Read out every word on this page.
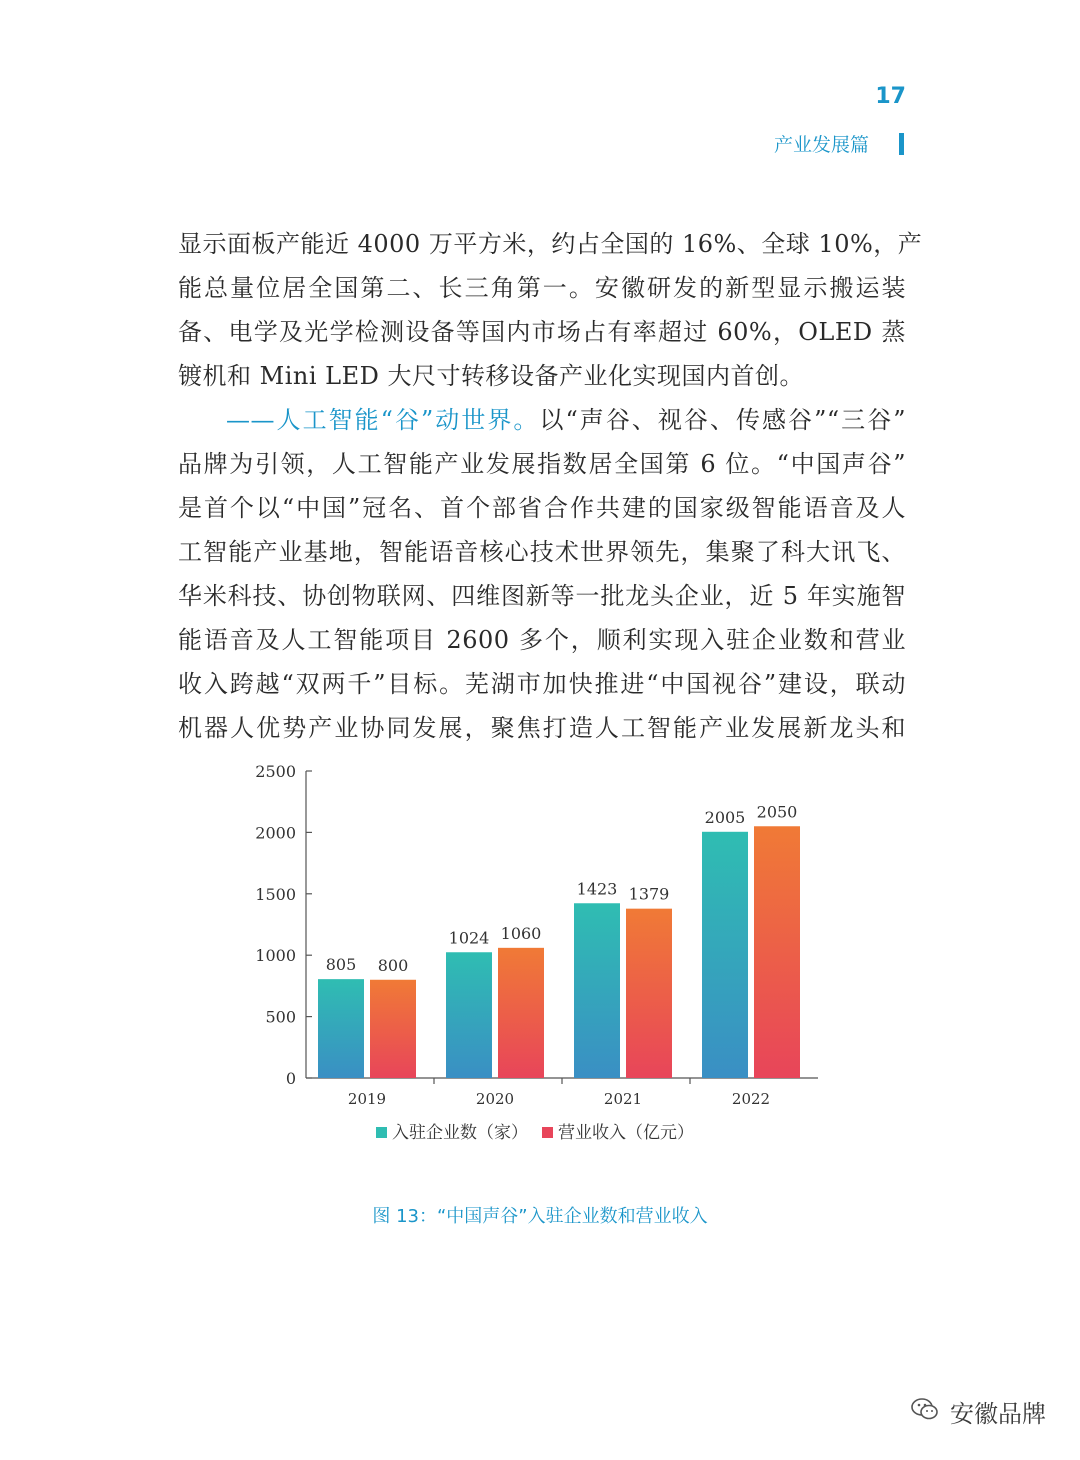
17
产业发展篇
显示面板产能近 4000 万平方米，约占全国的 16%、全球 10%，产
能总量位居全国第二、长三角第一。安徽研发的新型显示搬运装
备、电学及光学检测设备等国内市场占有率超过 60%，OLED 蒸
镀机和 Mini LED 大尺寸转移设备产业化实现国内首创。
——人工智能“谷”动世界。以“声谷、视谷、传感谷”“三谷”
品牌为引领，人工智能产业发展指数居全国第 6 位。“中国声谷”
是首个以“中国”冠名、首个部省合作共建的国家级智能语音及人
工智能产业基地，智能语音核心技术世界领先，集聚了科大讯飞、
华米科技、协创物联网、四维图新等一批龙头企业，近 5 年实施智
能语音及人工智能项目 2600 多个，顺利实现入驻企业数和营业
收入跨越“双两千”目标。芜湖市加快推进“中国视谷”建设，联动
机器人优势产业协同发展，聚焦打造人工智能产业发展新龙头和
0
500
1000
1500
2000
2500
805 800
2019
1024 1060
2020
1423 1379
2021
2005 2050
2022
入驻企业数（家） 营业收入（亿元）
图 13：“中国声谷”入驻企业数和营业收入
安徽品牌
